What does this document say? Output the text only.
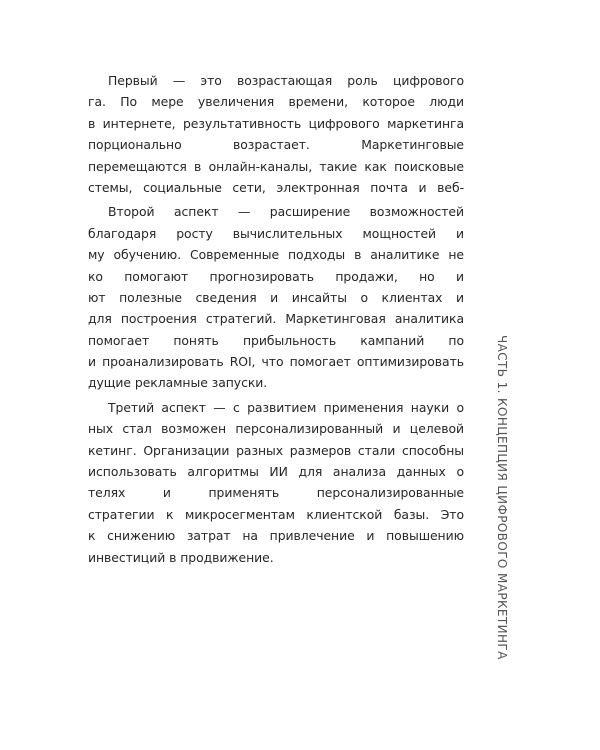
Первый — это возрастающая роль цифрового
га. По мере увеличения времени, которое люди
в интернете, результативность цифрового маркетинга
порционально возрастает. Маркетинговые
перемещаются в онлайн-каналы, такие как поисковые
стемы, социальные сети, электронная почта и веб-
Второй аспект — расширение возможностей
благодаря росту вычислительных мощностей и
му обучению. Современные подходы в аналитике не
ко помогают прогнозировать продажи, но и
ют полезные сведения и инсайты о клиентах и
для построения стратегий. Маркетинговая аналитика
помогает понять прибыльность кампаний по
и проанализировать ROI, что помогает оптимизировать
дущие рекламные запуски.
Третий аспект — с развитием применения науки о
ных стал возможен персонализированный и целевой
кетинг. Организации разных размеров стали способны
использовать алгоритмы ИИ для анализа данных о
телях и применять персонализированные
стратегии к микросегментам клиентской базы. Это
к снижению затрат на привлечение и повышению
инвестиций в продвижение.	ЧАСТЬ 1. КОНЦЕПЦИЯ ЦИФРОВОГО МАРКЕТИНГА
